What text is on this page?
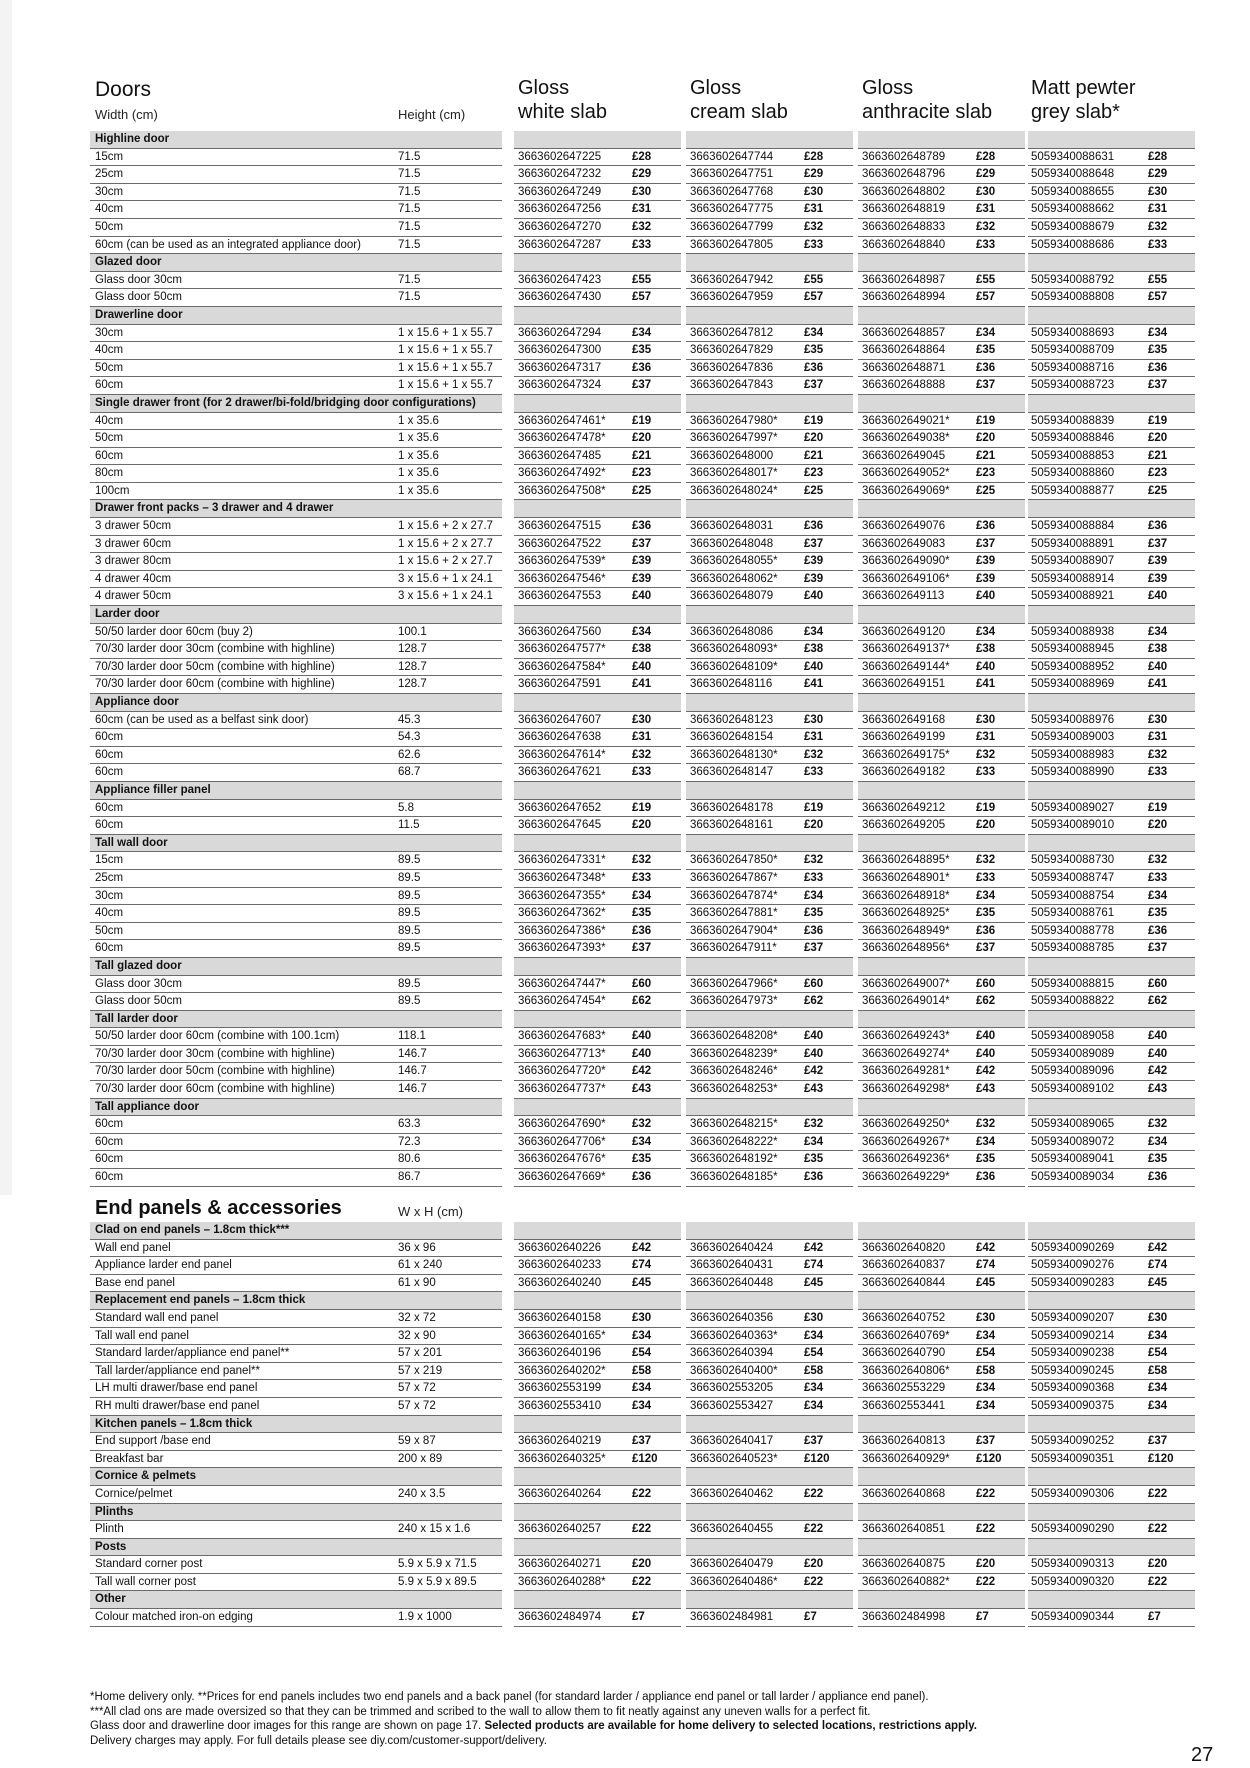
Doors
Width (cm)	Height (cm)
Gloss
white slab
Gloss
cream slab
Gloss
anthracite slab
Matt pewter
grey slab*
Highline door
15cm	71.5	3663602647225	£28	3663602647744	£28	3663602648789	£28	5059340088631	£28
25cm	71.5	3663602647232	£29	3663602647751	£29	3663602648796	£29	5059340088648	£29
30cm	71.5	3663602647249	£30	3663602647768	£30	3663602648802	£30	5059340088655	£30
40cm	71.5	3663602647256	£31	3663602647775	£31	3663602648819	£31	5059340088662	£31
50cm	71.5	3663602647270	£32	3663602647799	£32	3663602648833	£32	5059340088679	£32
60cm (can be used as an integrated appliance door)	71.5	3663602647287	£33	3663602647805	£33	3663602648840	£33	5059340088686	£33
Glazed door
Glass door 30cm	71.5	3663602647423	£55	3663602647942	£55	3663602648987	£55	5059340088792	£55
Glass door 50cm	71.5	3663602647430	£57	3663602647959	£57	3663602648994	£57	5059340088808	£57
Drawerline door
30cm	1 x 15.6 + 1 x 55.7	3663602647294	£34	3663602647812	£34	3663602648857	£34	5059340088693	£34
40cm	1 x 15.6 + 1 x 55.7	3663602647300	£35	3663602647829	£35	3663602648864	£35	5059340088709	£35
50cm	1 x 15.6 + 1 x 55.7	3663602647317	£36	3663602647836	£36	3663602648871	£36	5059340088716	£36
60cm	1 x 15.6 + 1 x 55.7	3663602647324	£37	3663602647843	£37	3663602648888	£37	5059340088723	£37
Single drawer front (for 2 drawer/bi-fold/bridging door configurations)
40cm	1 x 35.6	3663602647461*	£19	3663602647980*	£19	3663602649021*	£19	5059340088839	£19
50cm	1 x 35.6	3663602647478*	£20	3663602647997*	£20	3663602649038*	£20	5059340088846	£20
60cm	1 x 35.6	3663602647485	£21	3663602648000	£21	3663602649045	£21	5059340088853	£21
80cm	1 x 35.6	3663602647492*	£23	3663602648017*	£23	3663602649052*	£23	5059340088860	£23
100cm	1 x 35.6	3663602647508*	£25	3663602648024*	£25	3663602649069*	£25	5059340088877	£25
Drawer front packs – 3 drawer and 4 drawer
3 drawer 50cm	1 x 15.6 + 2 x 27.7	3663602647515	£36	3663602648031	£36	3663602649076	£36	5059340088884	£36
3 drawer 60cm	1 x 15.6 + 2 x 27.7	3663602647522	£37	3663602648048	£37	3663602649083	£37	5059340088891	£37
3 drawer 80cm	1 x 15.6 + 2 x 27.7	3663602647539*	£39	3663602648055*	£39	3663602649090*	£39	5059340088907	£39
4 drawer 40cm	3 x 15.6 + 1 x 24.1	3663602647546*	£39	3663602648062*	£39	3663602649106*	£39	5059340088914	£39
4 drawer 50cm	3 x 15.6 + 1 x 24.1	3663602647553	£40	3663602648079	£40	3663602649113	£40	5059340088921	£40
Larder door
50/50 larder door 60cm (buy 2)	100.1	3663602647560	£34	3663602648086	£34	3663602649120	£34	5059340088938	£34
70/30 larder door 30cm (combine with highline)	128.7	3663602647577*	£38	3663602648093*	£38	3663602649137*	£38	5059340088945	£38
70/30 larder door 50cm (combine with highline)	128.7	3663602647584*	£40	3663602648109*	£40	3663602649144*	£40	5059340088952	£40
70/30 larder door 60cm (combine with highline)	128.7	3663602647591	£41	3663602648116	£41	3663602649151	£41	5059340088969	£41
Appliance door
60cm (can be used as a belfast sink door)	45.3	3663602647607	£30	3663602648123	£30	3663602649168	£30	5059340088976	£30
60cm	54.3	3663602647638	£31	3663602648154	£31	3663602649199	£31	5059340089003	£31
60cm	62.6	3663602647614*	£32	3663602648130*	£32	3663602649175*	£32	5059340088983	£32
60cm	68.7	3663602647621	£33	3663602648147	£33	3663602649182	£33	5059340088990	£33
Appliance filler panel
60cm	5.8	3663602647652	£19	3663602648178	£19	3663602649212	£19	5059340089027	£19
60cm	11.5	3663602647645	£20	3663602648161	£20	3663602649205	£20	5059340089010	£20
Tall wall door
15cm	89.5	3663602647331*	£32	3663602647850*	£32	3663602648895*	£32	5059340088730	£32
25cm	89.5	3663602647348*	£33	3663602647867*	£33	3663602648901*	£33	5059340088747	£33
30cm	89.5	3663602647355*	£34	3663602647874*	£34	3663602648918*	£34	5059340088754	£34
40cm	89.5	3663602647362*	£35	3663602647881*	£35	3663602648925*	£35	5059340088761	£35
50cm	89.5	3663602647386*	£36	3663602647904*	£36	3663602648949*	£36	5059340088778	£36
60cm	89.5	3663602647393*	£37	3663602647911*	£37	3663602648956*	£37	5059340088785	£37
Tall glazed door
Glass door 30cm	89.5	3663602647447*	£60	3663602647966*	£60	3663602649007*	£60	5059340088815	£60
Glass door 50cm	89.5	3663602647454*	£62	3663602647973*	£62	3663602649014*	£62	5059340088822	£62
Tall larder door
50/50 larder door 60cm (combine with 100.1cm)	118.1	3663602647683*	£40	3663602648208*	£40	3663602649243*	£40	5059340089058	£40
70/30 larder door 30cm (combine with highline)	146.7	3663602647713*	£40	3663602648239*	£40	3663602649274*	£40	5059340089089	£40
70/30 larder door 50cm (combine with highline)	146.7	3663602647720*	£42	3663602648246*	£42	3663602649281*	£42	5059340089096	£42
70/30 larder door 60cm (combine with highline)	146.7	3663602647737*	£43	3663602648253*	£43	3663602649298*	£43	5059340089102	£43
Tall appliance door
60cm	63.3	3663602647690*	£32	3663602648215*	£32	3663602649250*	£32	5059340089065	£32
60cm	72.3	3663602647706*	£34	3663602648222*	£34	3663602649267*	£34	5059340089072	£34
60cm	80.6	3663602647676*	£35	3663602648192*	£35	3663602649236*	£35	5059340089041	£35
60cm	86.7	3663602647669*	£36	3663602648185*	£36	3663602649229*	£36	5059340089034	£36
End panels & accessories	W x H (cm)
Clad on end panels – 1.8cm thick***
Wall end panel	36 x 96	3663602640226	£42	3663602640424	£42	3663602640820	£42	5059340090269	£42
Appliance larder end panel	61 x 240	3663602640233	£74	3663602640431	£74	3663602640837	£74	5059340090276	£74
Base end panel	61 x 90	3663602640240	£45	3663602640448	£45	3663602640844	£45	5059340090283	£45
Replacement end panels – 1.8cm thick
Standard wall end panel	32 x 72	3663602640158	£30	3663602640356	£30	3663602640752	£30	5059340090207	£30
Tall wall end panel	32 x 90	3663602640165*	£34	3663602640363*	£34	3663602640769*	£34	5059340090214	£34
Standard larder/appliance end panel**	57 x 201	3663602640196	£54	3663602640394	£54	3663602640790	£54	5059340090238	£54
Tall larder/appliance end panel**	57 x 219	3663602640202*	£58	3663602640400*	£58	3663602640806*	£58	5059340090245	£58
LH multi drawer/base end panel	57 x 72	3663602553199	£34	3663602553205	£34	3663602553229	£34	5059340090368	£34
RH multi drawer/base end panel	57 x 72	3663602553410	£34	3663602553427	£34	3663602553441	£34	5059340090375	£34
Kitchen panels – 1.8cm thick
End support /base end	59 x 87	3663602640219	£37	3663602640417	£37	3663602640813	£37	5059340090252	£37
Breakfast bar	200 x 89	3663602640325*	£120	3663602640523*	£120	3663602640929*	£120	5059340090351	£120
Cornice & pelmets
Cornice/pelmet	240 x 3.5	3663602640264	£22	3663602640462	£22	3663602640868	£22	5059340090306	£22
Plinths
Plinth	240 x 15 x 1.6	3663602640257	£22	3663602640455	£22	3663602640851	£22	5059340090290	£22
Posts
Standard corner post	5.9 x 5.9 x 71.5	3663602640271	£20	3663602640479	£20	3663602640875	£20	5059340090313	£20
Tall wall corner post	5.9 x 5.9 x 89.5	3663602640288*	£22	3663602640486*	£22	3663602640882*	£22	5059340090320	£22
Other
Colour matched iron-on edging	1.9 x 1000	3663602484974	£7	3663602484981	£7	3663602484998	£7	5059340090344	£7

*Home delivery only. **Prices for end panels includes two end panels and a back panel (for standard larder / appliance end panel or tall larder / appliance end panel).

***All clad ons are made oversized so that they can be trimmed and scribed to the wall to allow them to fit neatly against any uneven walls for a perfect fit.

Glass door and drawerline door images for this range are shown on page 17. Selected products are available for home delivery to selected locations, restrictions apply.

Delivery charges may apply. For full details please see diy.com/customer-support/delivery.

27
